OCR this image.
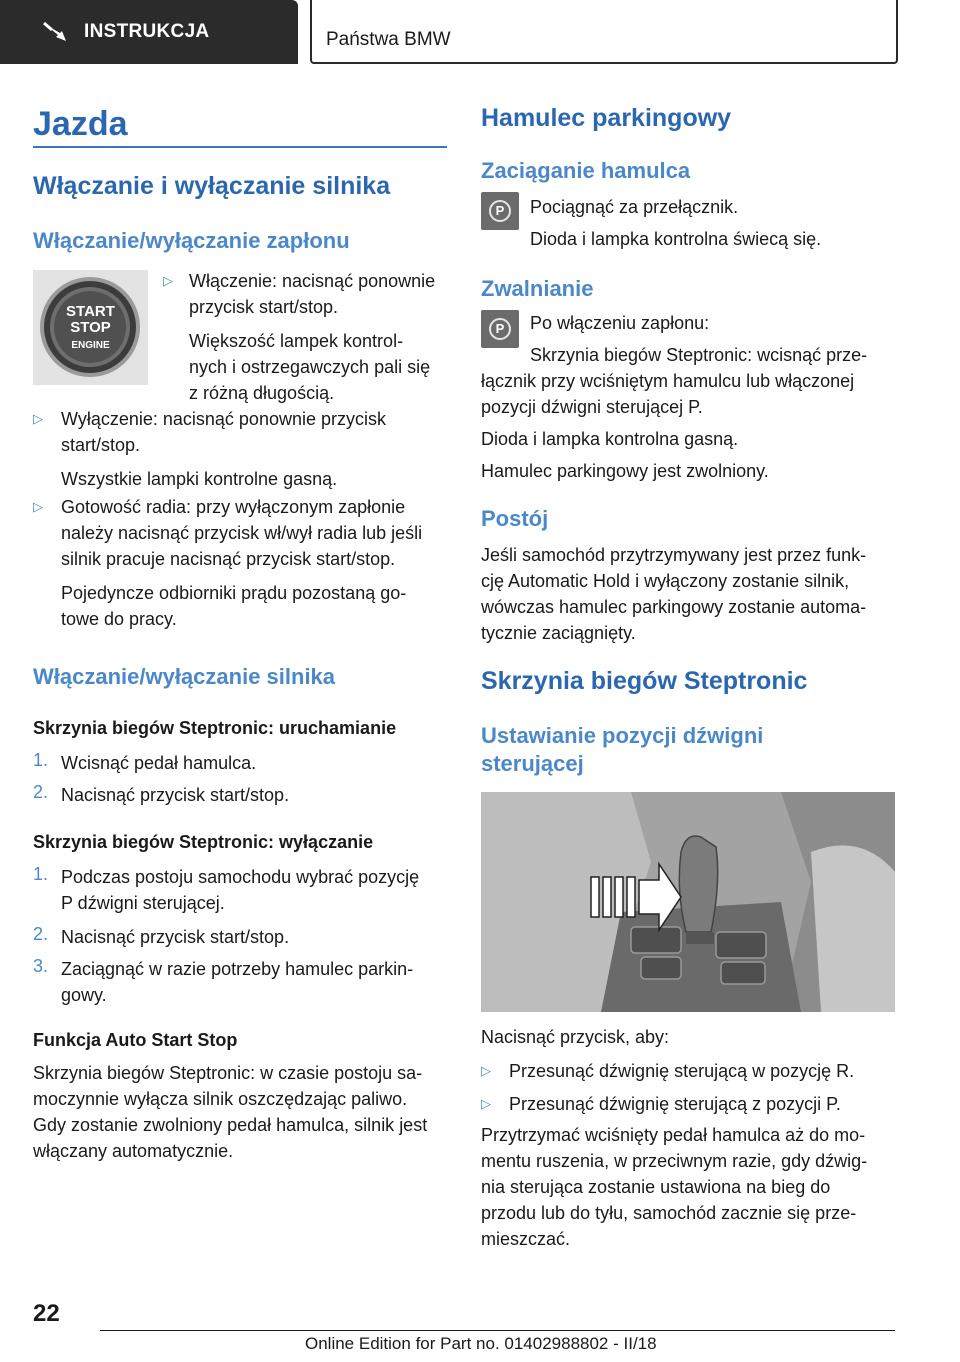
INSTRUKCJA	Państwa BMW
Jazda
Włączanie i wyłączanie silnika
Włączanie/wyłączanie zapłonu
START
STOP
ENGINE
▷ Włączenie: nacisnąć ponownie

przycisk start/stop.

Większość lampek kontrol-

nych i ostrzegawczych pali się

z różną długością.

▷ Wyłączenie: nacisnąć ponownie przycisk

start/stop.

Wszystkie lampki kontrolne gasną.

▷ Gotowość radia: przy wyłączonym zapłonie

należy nacisnąć przycisk wł/wył radia lub jeśli

silnik pracuje nacisnąć przycisk start/stop.

Pojedyncze odbiorniki prądu pozostaną go-

towe do pracy.

Włączanie/wyłączanie silnika
Skrzynia biegów Steptronic: uruchamianie
1. Wcisnąć pedał hamulca.

2. Nacisnąć przycisk start/stop.

Skrzynia biegów Steptronic: wyłączanie
1. Podczas postoju samochodu wybrać pozycję

P dźwigni sterującej.

2. Nacisnąć przycisk start/stop.

3. Zaciągnąć w razie potrzeby hamulec parkin-

gowy.

Funkcja Auto Start Stop

Skrzynia biegów Steptronic: w czasie postoju sa-

moczynnie wyłącza silnik oszczędzając paliwo.

Gdy zostanie zwolniony pedał hamulca, silnik jest

włączany automatycznie.

Hamulec parkingowy
Zaciąganie hamulca
P	Pociągnąć za przełącznik.

Dioda i lampka kontrolna świecą się.

Zwalnianie
P	Po włączeniu zapłonu:

Skrzynia biegów Steptronic: wcisnąć prze-

łącznik przy wciśniętym hamulcu lub włączonej

pozycji dźwigni sterującej P.

Dioda i lampka kontrolna gasną.

Hamulec parkingowy jest zwolniony.

Postój

Jeśli samochód przytrzymywany jest przez funk-

cję Automatic Hold i wyłączony zostanie silnik,

wówczas hamulec parkingowy zostanie automa-

tycznie zaciągnięty.

Skrzynia biegów Steptronic
Ustawianie pozycji dźwigni
sterującej

Nacisnąć przycisk, aby:

▷ Przesunąć dźwignię sterującą w pozycję R.

▷ Przesunąć dźwignię sterującą z pozycji P.

Przytrzymać wciśnięty pedał hamulca aż do mo-

mentu ruszenia, w przeciwnym razie, gdy dźwig-

nia sterująca zostanie ustawiona na bieg do

przodu lub do tyłu, samochód zacznie się prze-

mieszczać.

22
Online Edition for Part no. 01402988802 - II/18
